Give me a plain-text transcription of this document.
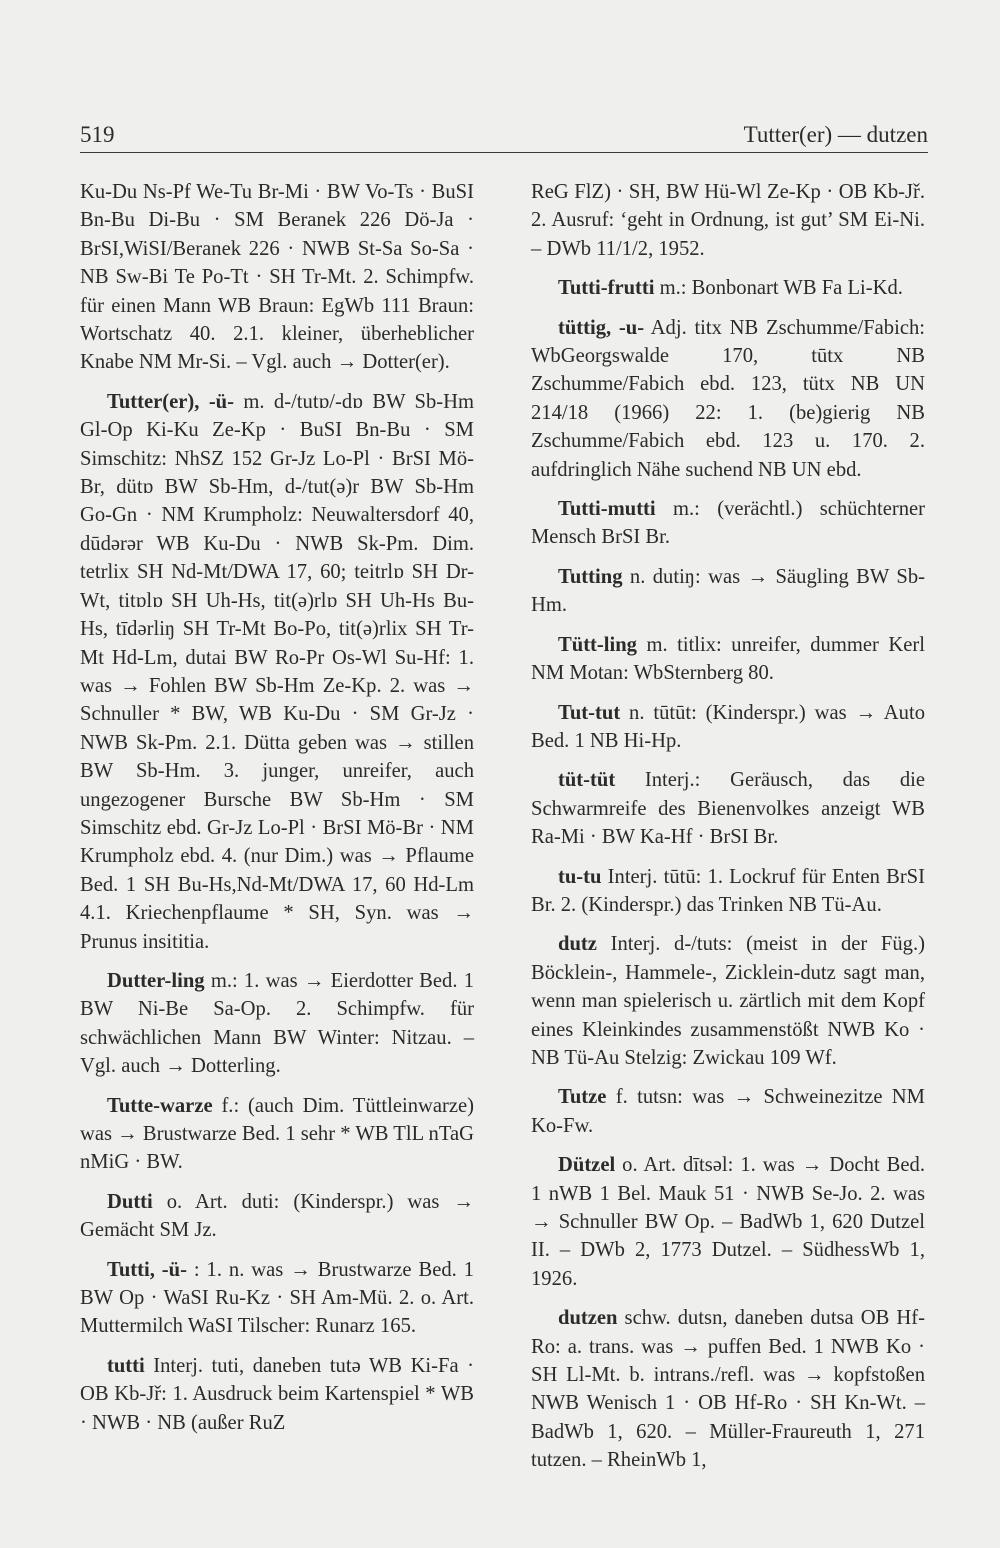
519	Tutter(er) — dutzen

Ku-Du Ns-Pf We-Tu Br-Mi · BW Vo-Ts · BuSI Bn-Bu Di-Bu · SM Beranek 226 Dö-Ja · BrSI,WiSI/Beranek 226 · NWB St-Sa So-Sa · NB Sw-Bi Te Po-Tt · SH Tr-Mt. 2. Schimpfw. für einen Mann WB Braun: EgWb 111 Braun: Wortschatz 40. 2.1. kleiner, überheblicher Knabe NM Mr-Si. – Vgl. auch → Dotter(er).

Tutter(er), -ü- m. d-/tutɒ/-dɒ BW Sb-Hm Gl-Op Ki-Ku Ze-Kp · BuSI Bn-Bu · SM Simschitz: NhSZ 152 Gr-Jz Lo-Pl · BrSI Mö-Br, dütɒ BW Sb-Hm, d-/tut(ə)r BW Sb-Hm Go-Gn · NM Krumpholz: Neuwaltersdorf 40, dūdərər WB Ku-Du · NWB Sk-Pm. Dim. tetrlix SH Nd-Mt/DWA 17, 60; teitrlɒ SH Dr-Wt, titɒlɒ SH Uh-Hs, tit(ə)rlɒ SH Uh-Hs Bu-Hs, tīdərliŋ SH Tr-Mt Bo-Po, tit(ə)rlix SH Tr-Mt Hd-Lm, dutai BW Ro-Pr Os-Wl Su-Hf: 1. was → Fohlen BW Sb-Hm Ze-Kp. 2. was → Schnuller * BW, WB Ku-Du · SM Gr-Jz · NWB Sk-Pm. 2.1. Dütta geben was → stillen BW Sb-Hm. 3. junger, unreifer, auch ungezogener Bursche BW Sb-Hm · SM Simschitz ebd. Gr-Jz Lo-Pl · BrSI Mö-Br · NM Krumpholz ebd. 4. (nur Dim.) was → Pflaume Bed. 1 SH Bu-Hs,Nd-Mt/DWA 17, 60 Hd-Lm 4.1. Kriechenpflaume * SH, Syn. was → Prunus insititia.

Dutter-ling m.: 1. was → Eierdotter Bed. 1 BW Ni-Be Sa-Op. 2. Schimpfw. für schwächlichen Mann BW Winter: Nitzau. – Vgl. auch → Dotterling.

Tutte-warze f.: (auch Dim. Tüttleinwarze) was → Brustwarze Bed. 1 sehr * WB TlL nTaG nMiG · BW.

Dutti o. Art. duti: (Kinderspr.) was → Gemächt SM Jz.

Tutti, -ü- : 1. n. was → Brustwarze Bed. 1 BW Op · WaSI Ru-Kz · SH Am-Mü. 2. o. Art. Muttermilch WaSI Tilscher: Runarz 165.

tutti Interj. tuti, daneben tutə WB Ki-Fa · OB Kb-Jř: 1. Ausdruck beim Kartenspiel * WB · NWB · NB (außer RuZ

ReG FlZ) · SH, BW Hü-Wl Ze-Kp · OB Kb-Jř. 2. Ausruf: ‘geht in Ordnung, ist gut’ SM Ei-Ni. – DWb 11/1/2, 1952.

Tutti-frutti m.: Bonbonart WB Fa Li-Kd.

tüttig, -u- Adj. titx NB Zschumme/Fabich: WbGeorgswalde 170, tūtx NB Zschumme/Fabich ebd. 123, tütx NB UN 214/18 (1966) 22: 1. (be)gierig NB Zschumme/Fabich ebd. 123 u. 170. 2. aufdringlich Nähe suchend NB UN ebd.

Tutti-mutti m.: (verächtl.) schüchterner Mensch BrSI Br.

Tutting n. dutiŋ: was → Säugling BW Sb-Hm.

Tütt-ling m. titlix: unreifer, dummer Kerl NM Motan: WbSternberg 80.

Tut-tut n. tūtūt: (Kinderspr.) was → Auto Bed. 1 NB Hi-Hp.

tüt-tüt Interj.: Geräusch, das die Schwarmreife des Bienenvolkes anzeigt WB Ra-Mi · BW Ka-Hf · BrSI Br.

tu-tu Interj. tūtū: 1. Lockruf für Enten BrSI Br. 2. (Kinderspr.) das Trinken NB Tü-Au.

dutz Interj. d-/tuts: (meist in der Füg.) Böcklein-, Hammele-, Zicklein-dutz sagt man, wenn man spielerisch u. zärtlich mit dem Kopf eines Kleinkindes zusammenstößt NWB Ko · NB Tü-Au Stelzig: Zwickau 109 Wf.

Tutze f. tutsn: was → Schweinezitze NM Ko-Fw.

Dützel o. Art. dītsəl: 1. was → Docht Bed. 1 nWB 1 Bel. Mauk 51 · NWB Se-Jo. 2. was → Schnuller BW Op. – BadWb 1, 620 Dutzel II. – DWb 2, 1773 Dutzel. – SüdhessWb 1, 1926.

dutzen schw. dutsn, daneben dutsa OB Hf-Ro: a. trans. was → puffen Bed. 1 NWB Ko · SH Ll-Mt. b. intrans./refl. was → kopfstoßen NWB Wenisch 1 · OB Hf-Ro · SH Kn-Wt. – BadWb 1, 620. – Müller-Fraureuth 1, 271 tutzen. – RheinWb 1,
